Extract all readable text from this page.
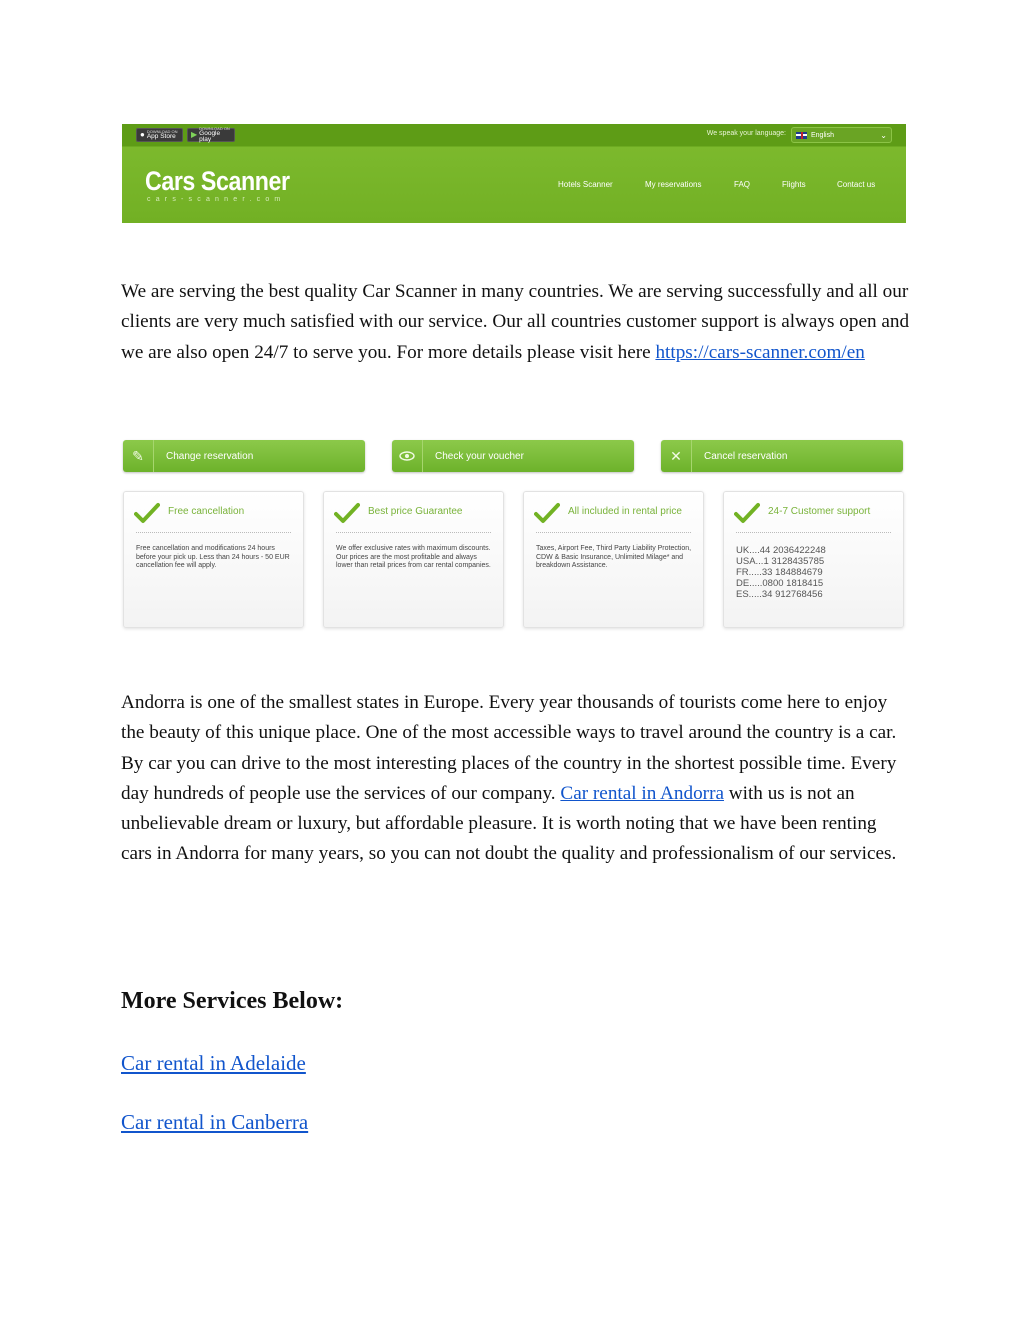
● DOWNLOAD ON
App Store ▶
DOWNLOAD ON
Google play
We speak your language:	English	⌄
Cars Scanner
cars-scanner.com
Hotels Scanner	My reservations	FAQ	Flights	Contact us

We are serving the best quality Car Scanner in many countries. We are serving successfully and all our clients are very much satisfied with our service. Our all countries customer support is always open and we are also open 24/7 to serve you. For more details please visit here https://cars-scanner.com/en

✎	Change reservation	Check your voucher	✕	Cancel reservation
Free cancellation
Free cancellation and modifications 24 hours before your pick up. Less than 24 hours - 50 EUR cancellation fee will apply.
Best price Guarantee
We offer exclusive rates with maximum discounts. Our prices are the most profitable and always lower than retail prices from car rental companies.
All included in rental price
Taxes, Airport Fee, Third Party Liability Protection, CDW & Basic Insurance, Unlimited Milage* and breakdown Assistance.
24-7 Customer support
UK....44 2036422248
USA...1 3128435785
FR.....33 184884679
DE.....0800 1818415
ES.....34 912768456

Andorra is one of the smallest states in Europe. Every year thousands of tourists come here to enjoy the beauty of this unique place. One of the most accessible ways to travel around the country is a car. By car you can drive to the most interesting places of the country in the shortest possible time. Every day hundreds of people use the services of our company. Car rental in Andorra with us is not an unbelievable dream or luxury, but affordable pleasure. It is worth noting that we have been renting cars in Andorra for many years, so you can not doubt the quality and professionalism of our services.

More Services Below:
Car rental in Adelaide
Car rental in Canberra
